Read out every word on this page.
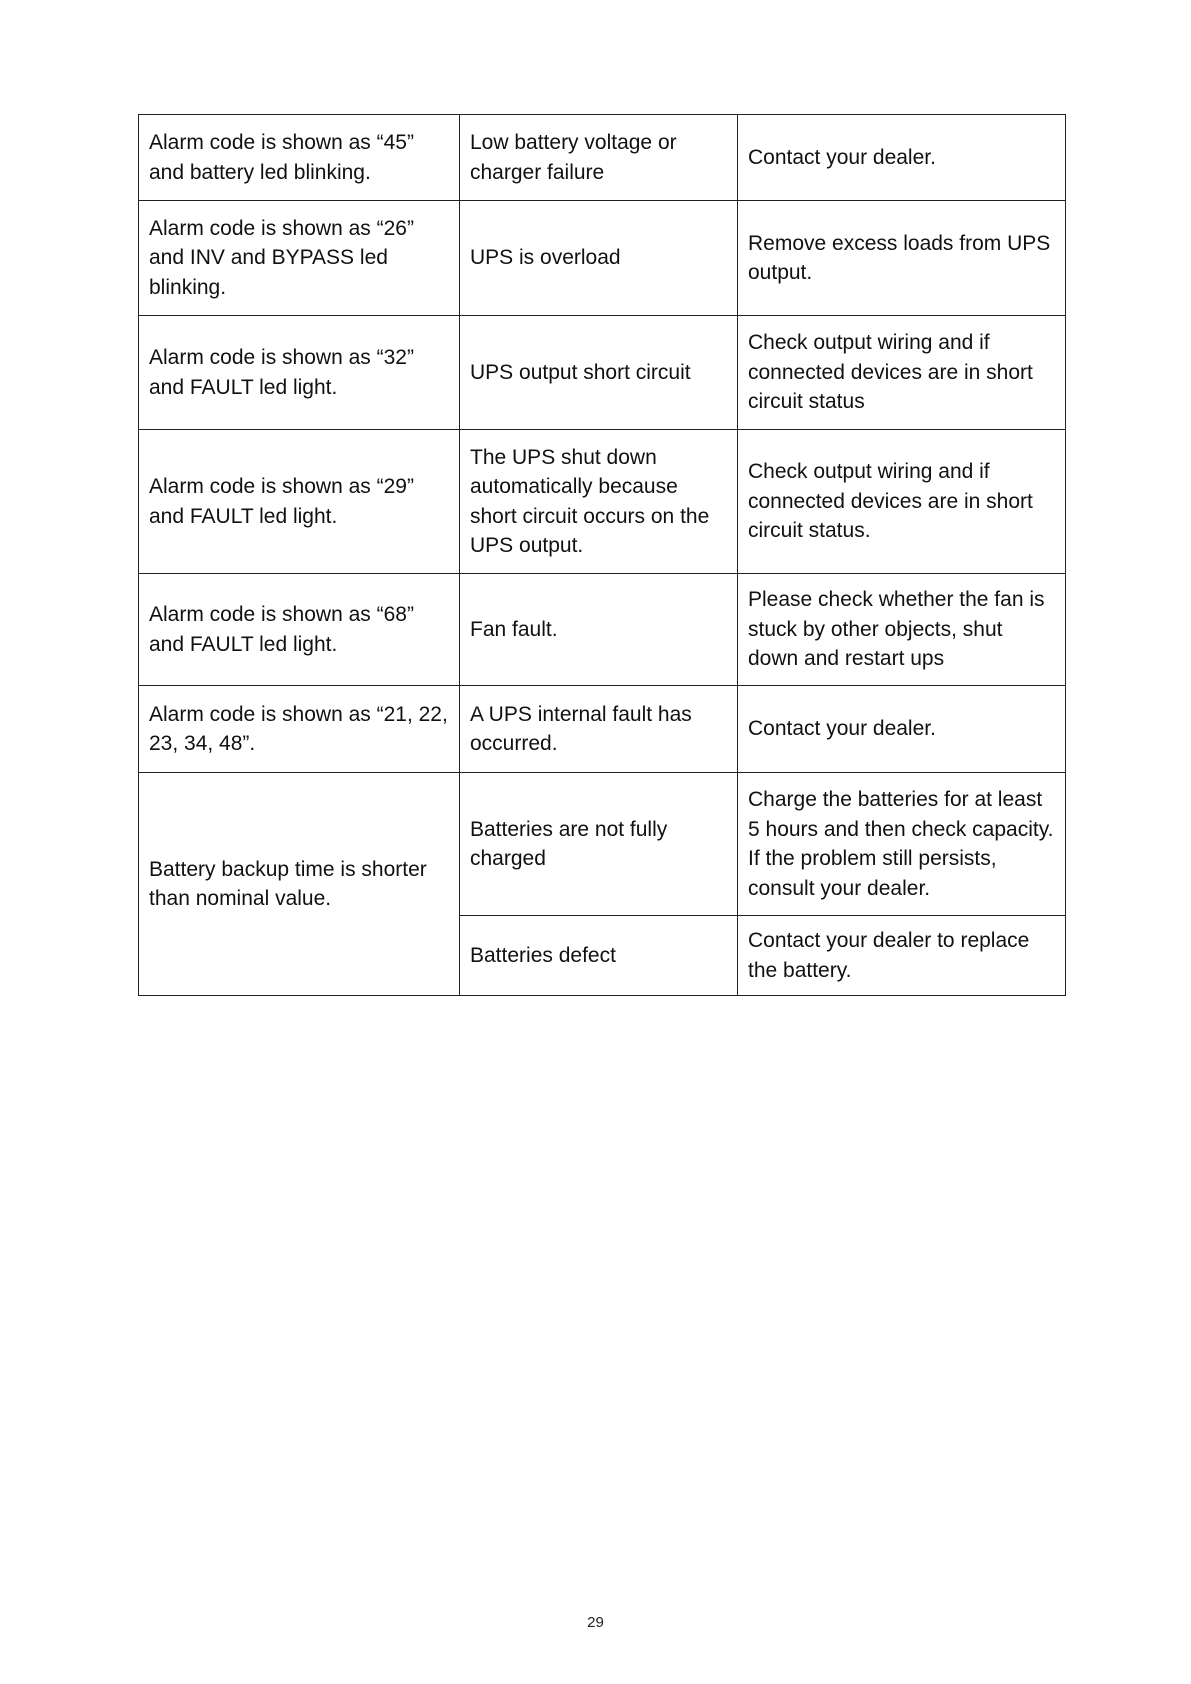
Alarm code is shown as “45” and battery led blinking.	Low battery voltage or charger failure	Contact your dealer.
Alarm code is shown as “26” and INV and BYPASS led blinking.	UPS is overload	Remove excess loads from UPS output.
Alarm code is shown as “32” and FAULT led light.	UPS output short circuit	Check output wiring and if connected devices are in short circuit status
Alarm code is shown as “29” and FAULT led light.	The UPS shut down automatically because short circuit occurs on the UPS output.	Check output wiring and if connected devices are in short circuit status.
Alarm code is shown as “68” and FAULT led light.	Fan fault.	Please check whether the fan is stuck by other objects, shut down and restart ups
Alarm code is shown as “21, 22, 23, 34, 48”.	A UPS internal fault has occurred.	Contact your dealer.
Battery backup time is shorter than nominal value.	Batteries are not fully charged	Charge the batteries for at least 5 hours and then check capacity. If the problem still persists, consult your dealer.
	Batteries defect	Contact your dealer to replace the battery.
29
